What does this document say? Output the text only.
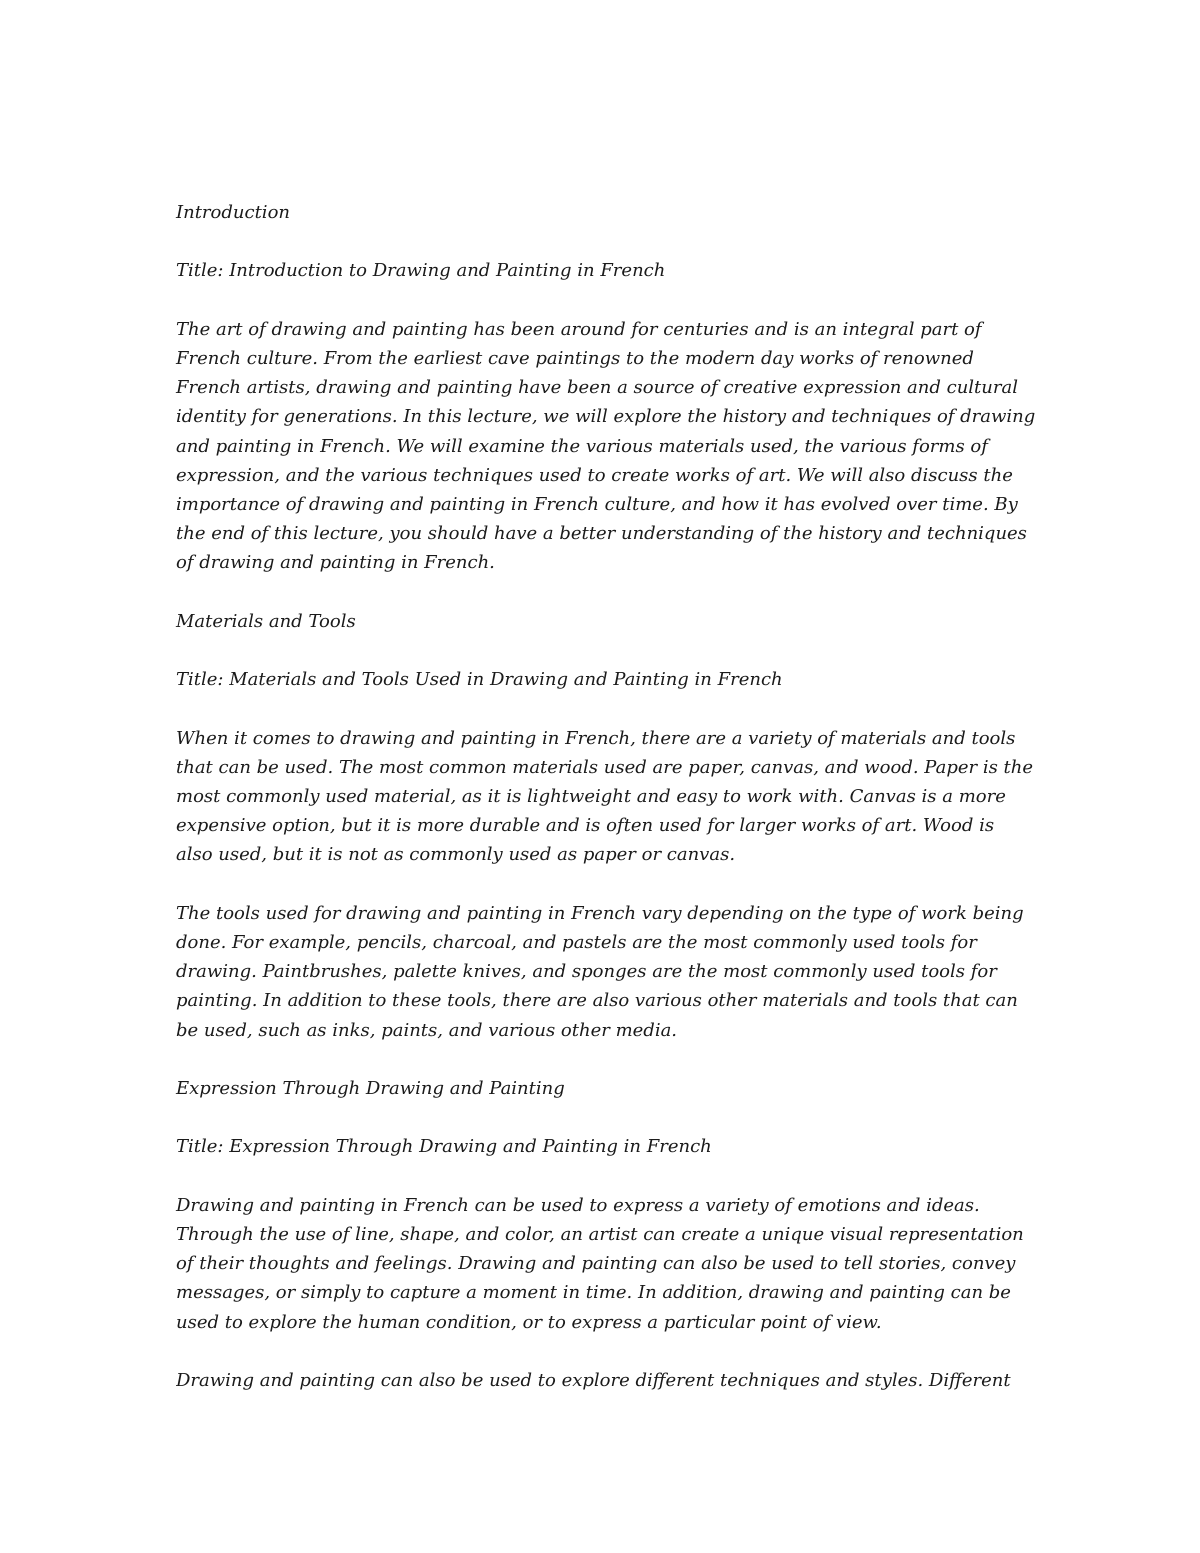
Introduction

Title: Introduction to Drawing and Painting in French

The art of drawing and painting has been around for centuries and is an integral part of French culture. From the earliest cave paintings to the modern day works of renowned French artists, drawing and painting have been a source of creative expression and cultural identity for generations. In this lecture, we will explore the history and techniques of drawing and painting in French. We will examine the various materials used, the various forms of expression, and the various techniques used to create works of art. We will also discuss the importance of drawing and painting in French culture, and how it has evolved over time. By the end of this lecture, you should have a better understanding of the history and techniques of drawing and painting in French.

Materials and Tools

Title: Materials and Tools Used in Drawing and Painting in French

When it comes to drawing and painting in French, there are a variety of materials and tools that can be used. The most common materials used are paper, canvas, and wood. Paper is the most commonly used material, as it is lightweight and easy to work with. Canvas is a more expensive option, but it is more durable and is often used for larger works of art. Wood is also used, but it is not as commonly used as paper or canvas.

The tools used for drawing and painting in French vary depending on the type of work being done. For example, pencils, charcoal, and pastels are the most commonly used tools for drawing. Paintbrushes, palette knives, and sponges are the most commonly used tools for painting. In addition to these tools, there are also various other materials and tools that can be used, such as inks, paints, and various other media.

Expression Through Drawing and Painting

Title: Expression Through Drawing and Painting in French

Drawing and painting in French can be used to express a variety of emotions and ideas. Through the use of line, shape, and color, an artist can create a unique visual representation of their thoughts and feelings. Drawing and painting can also be used to tell stories, convey messages, or simply to capture a moment in time. In addition, drawing and painting can be used to explore the human condition, or to express a particular point of view.

Drawing and painting can also be used to explore different techniques and styles. Different
